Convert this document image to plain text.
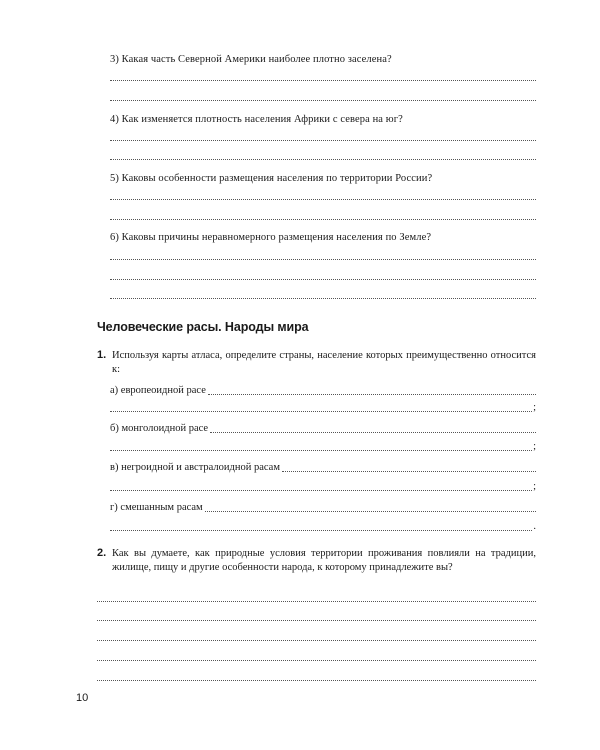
3) Какая часть Северной Америки наиболее плотно заселена?
4) Как изменяется плотность населения Африки с севера на юг?
5) Каковы особенности размещения населения по территории России?
6) Каковы причины неравномерного размещения населения по Земле?
Человеческие расы. Народы мира
1. Используя карты атласа, определите страны, население которых преимущественно относится к:
а) европеоидной расе
;
б) монголоидной расе
;
в) негроидной и австралоидной расам
;
г) смешанным расам
.
2. Как вы думаете, как природные условия территории проживания повлияли на традиции, жилище, пищу и другие особенности народа, к которому принадлежите вы?
10
